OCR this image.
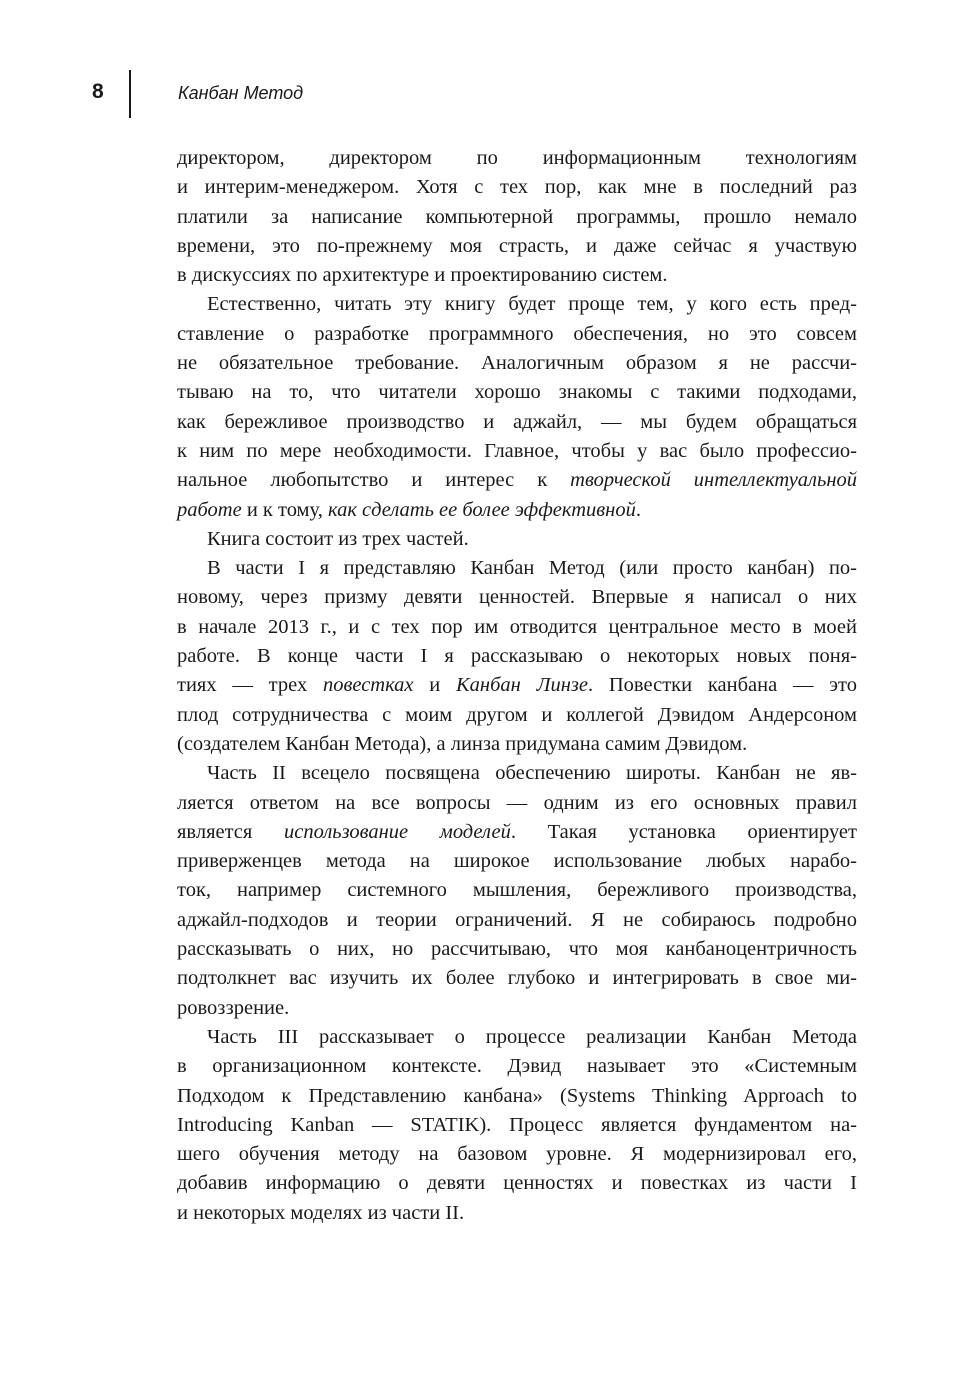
8	Канбан Метод
директором, директором по информационным технологиям
и интерим-менеджером. Хотя с тех пор, как мне в последний раз
платили за написание компьютерной программы, прошло немало
времени, это по-прежнему моя страсть, и даже сейчас я участвую
в дискуссиях по архитектуре и проектированию систем.
Естественно, читать эту книгу будет проще тем, у кого есть пред-
ставление о разработке программного обеспечения, но это совсем
не обязательное требование. Аналогичным образом я не рассчи-
тываю на то, что читатели хорошо знакомы с такими подходами,
как бережливое производство и аджайл, — мы будем обращаться
к ним по мере необходимости. Главное, чтобы у вас было профессио-
нальное любопытство и интерес к творческой интеллектуальной
работе и к тому, как сделать ее более эффективной.
Книга состоит из трех частей.
В части I я представляю Канбан Метод (или просто канбан) по-
новому, через призму девяти ценностей. Впервые я написал о них
в начале 2013 г., и с тех пор им отводится центральное место в моей
работе. В конце части I я рассказываю о некоторых новых поня-
тиях — трех повестках и Канбан Линзе. Повестки канбана — это
плод сотрудничества с моим другом и коллегой Дэвидом Андерсоном
(создателем Канбан Метода), а линза придумана самим Дэвидом.
Часть II всецело посвящена обеспечению широты. Канбан не яв-
ляется ответом на все вопросы — одним из его основных правил
является использование моделей. Такая установка ориентирует
приверженцев метода на широкое использование любых нарабо-
ток, например системного мышления, бережливого производства,
аджайл-подходов и теории ограничений. Я не собираюсь подробно
рассказывать о них, но рассчитываю, что моя канбаноцентричность
подтолкнет вас изучить их более глубоко и интегрировать в свое ми-
ровоззрение.
Часть III рассказывает о процессе реализации Канбан Метода
в организационном контексте. Дэвид называет это «Системным
Подходом к Представлению канбана» (Systems Thinking Approach to
Introducing Kanban — STATIK). Процесс является фундаментом на-
шего обучения методу на базовом уровне. Я модернизировал его,
добавив информацию о девяти ценностях и повестках из части I
и некоторых моделях из части II.
